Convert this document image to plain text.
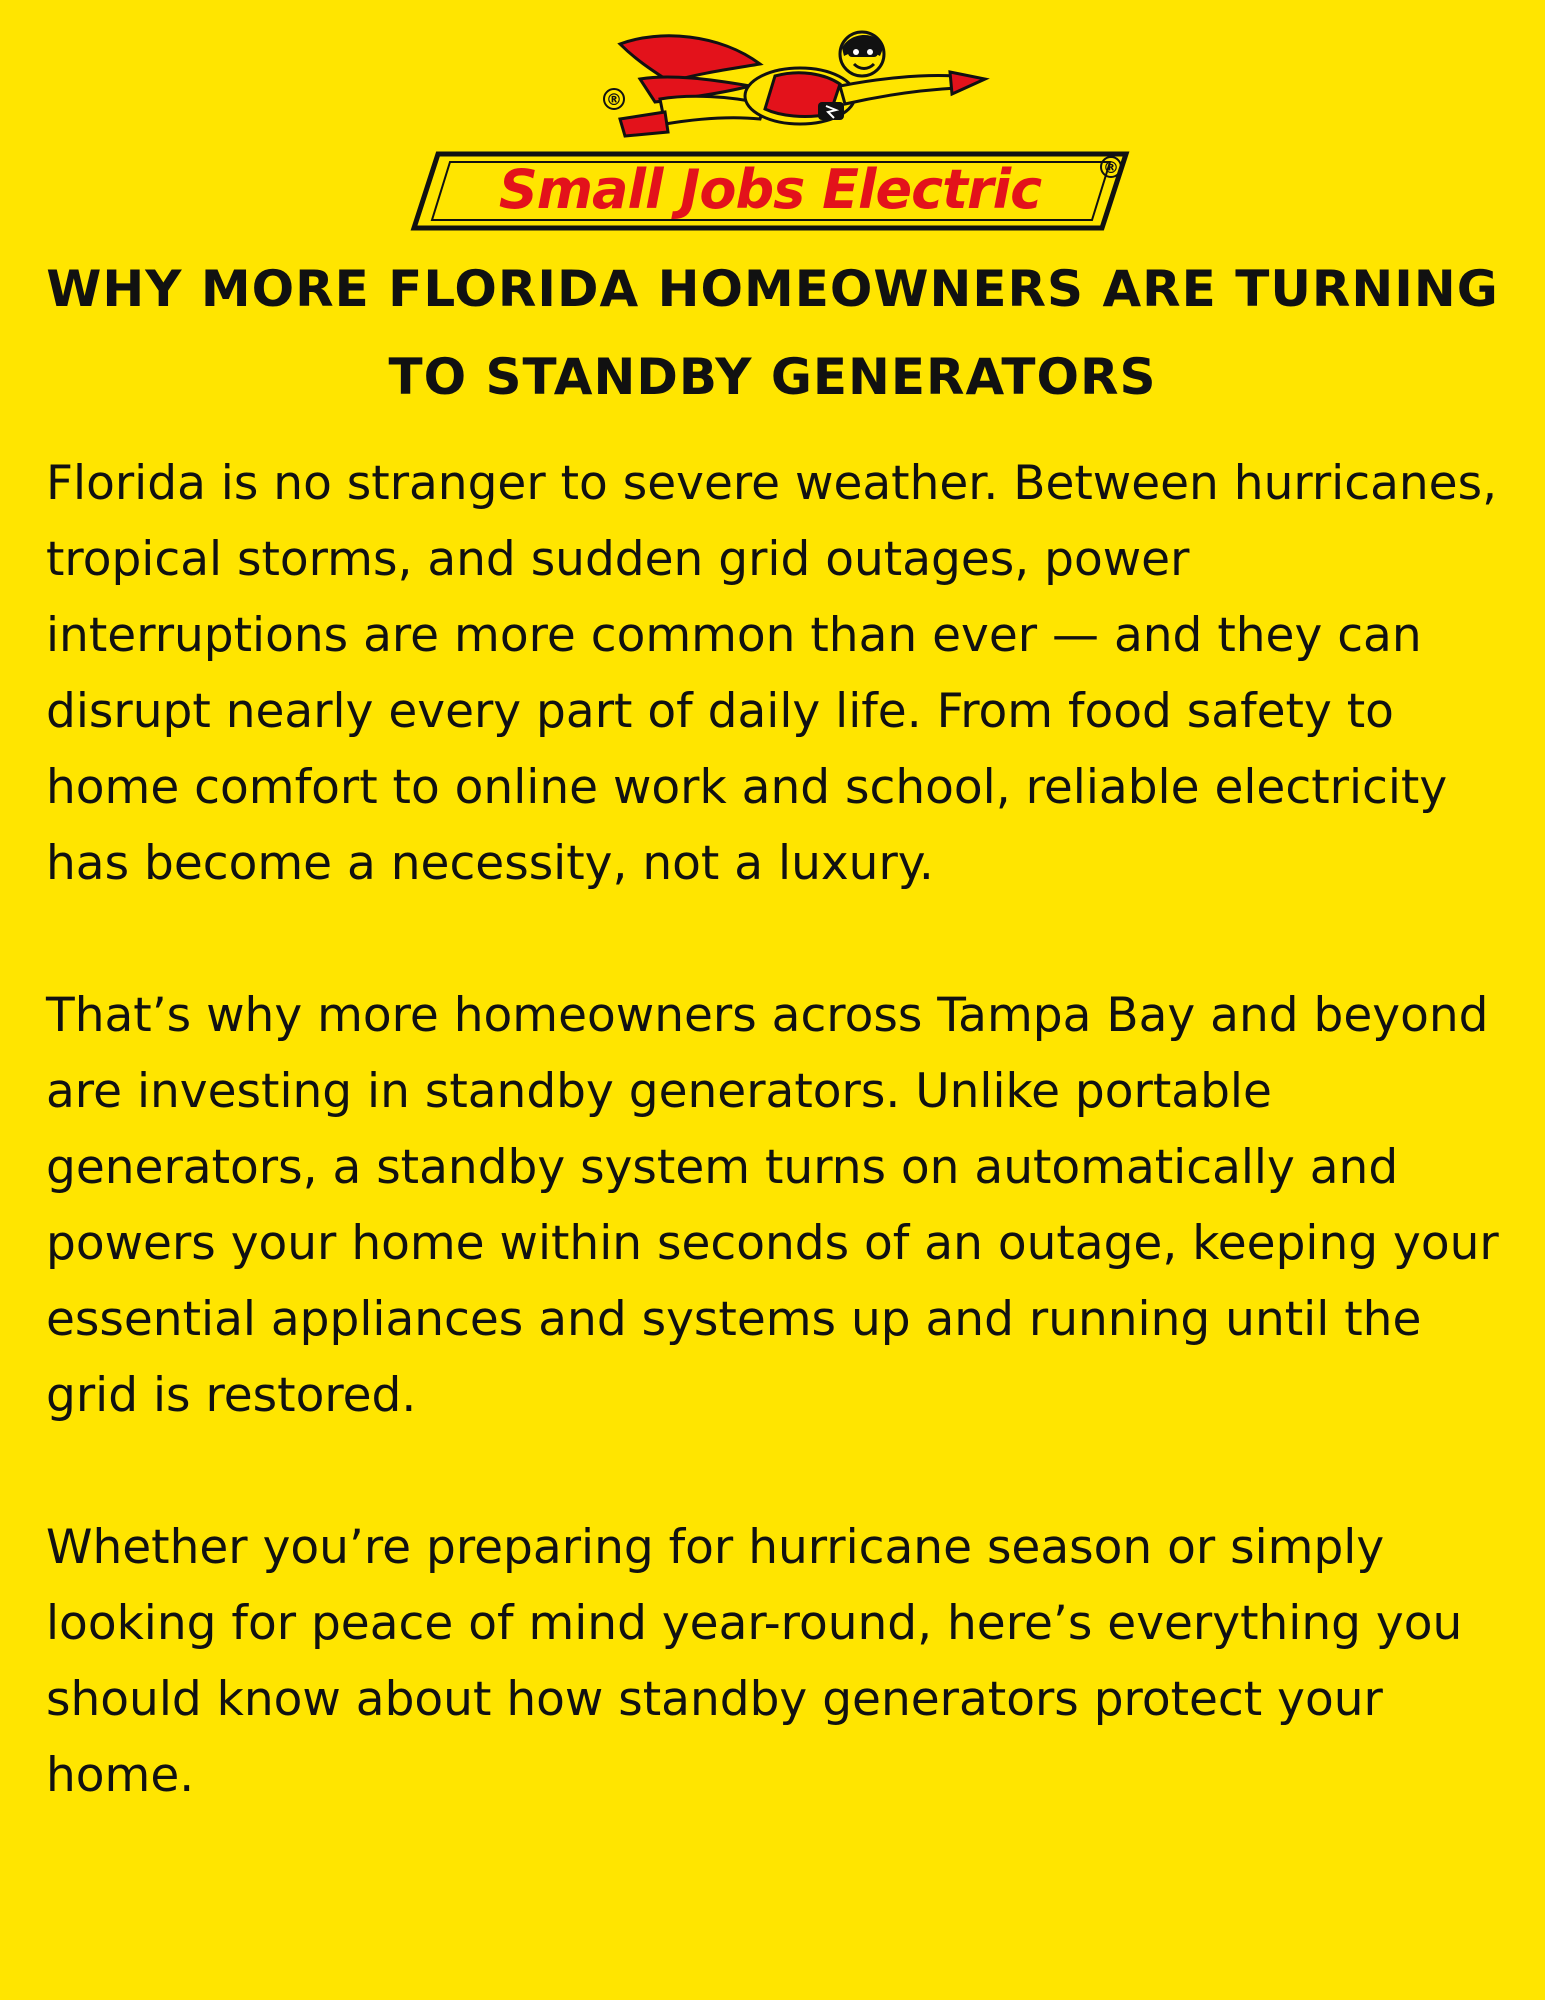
®
Small Jobs Electric	®
WHY MORE FLORIDA HOMEOWNERS ARE TURNING TO STANDBY GENERATORS

Florida is no stranger to severe weather. Between hurricanes, tropical storms, and sudden grid outages, power interruptions are more common than ever — and they can disrupt nearly every part of daily life. From food safety to home comfort to online work and school, reliable electricity has become a necessity, not a luxury.

That’s why more homeowners across Tampa Bay and beyond are investing in standby generators. Unlike portable generators, a standby system turns on automatically and powers your home within seconds of an outage, keeping your essential appliances and systems up and running until the grid is restored.

Whether you’re preparing for hurricane season or simply looking for peace of mind year-round, here’s everything you should know about how standby generators protect your home.
